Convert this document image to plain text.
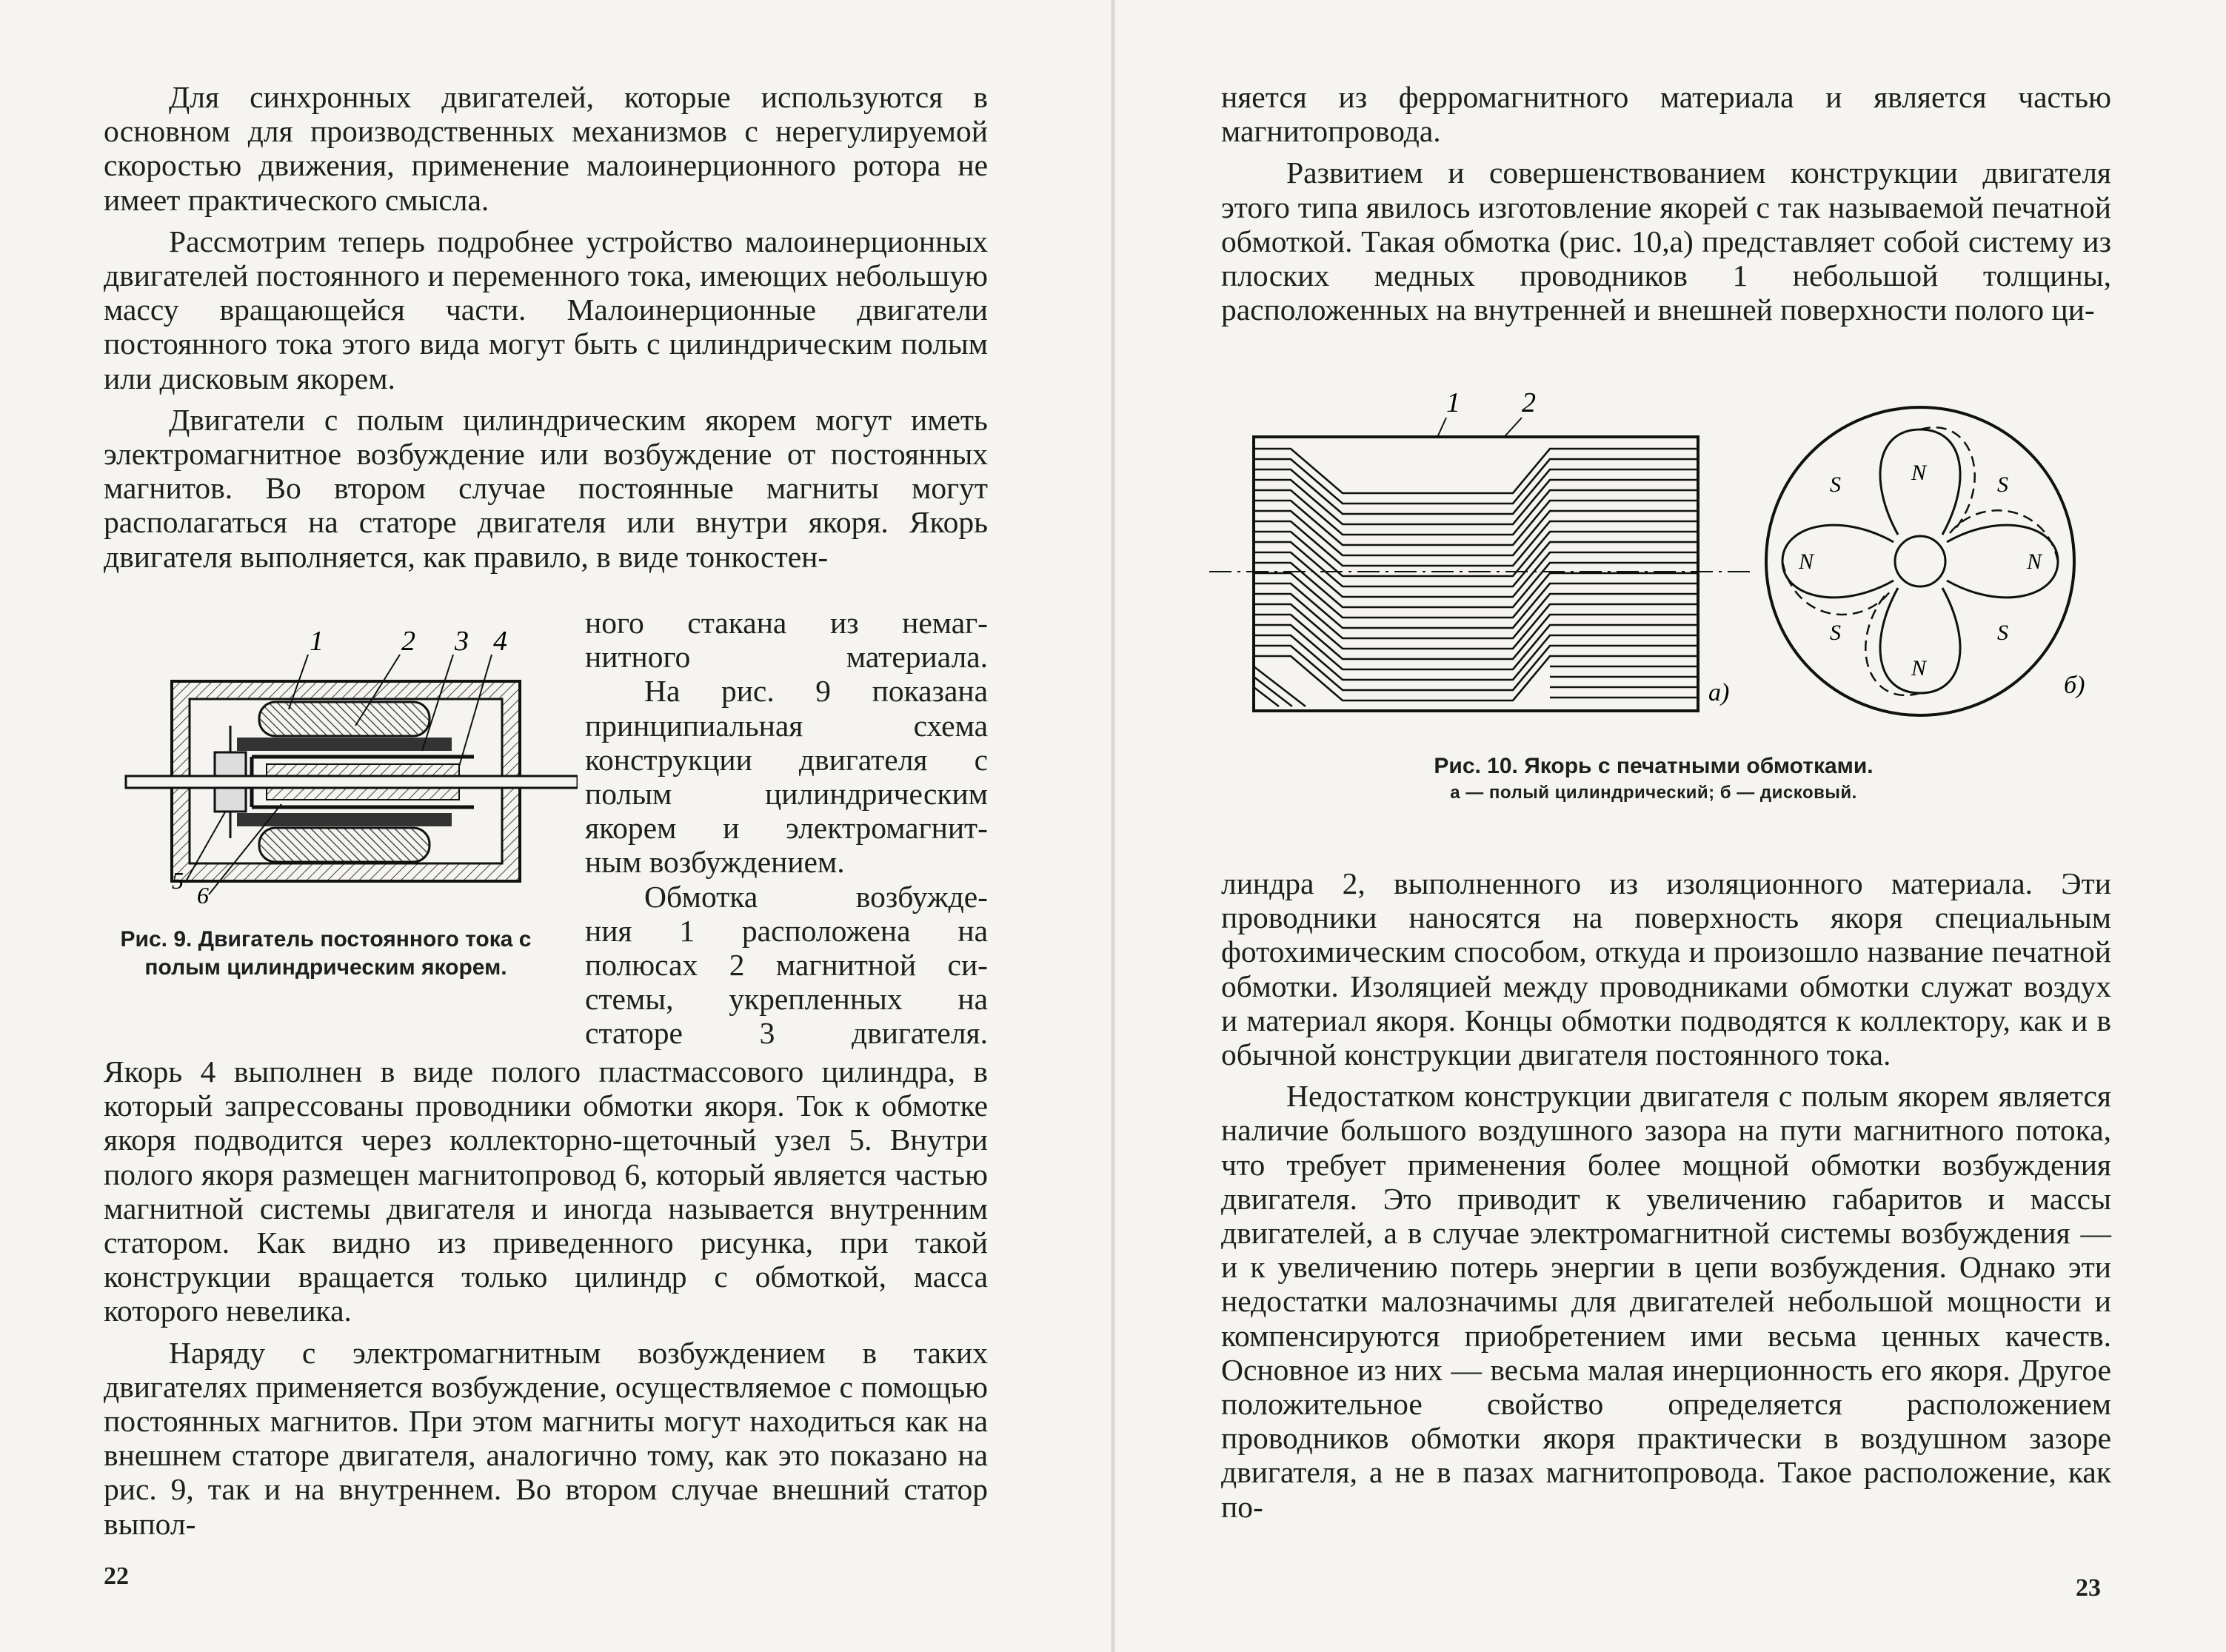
Для синхронных двигателей, которые используются в основном для производственных механизмов с нерегулируемой скоростью движения, применение малоинерционного ротора не имеет практического смысла.

Рассмотрим теперь подробнее устройство малоинерционных двигателей постоянного и переменного тока, имеющих небольшую массу вращающейся части. Малоинерционные двигатели постоянного тока этого вида могут быть с цилиндрическим полым или дисковым якорем.

Двигатели с полым цилиндрическим якорем могут иметь электромагнитное возбуждение или возбуждение от постоянных магнитов. Во втором случае постоянные магниты могут располагаться на статоре двигателя или внутри якоря. Якорь двигателя выполняется, как правило, в виде тонкостен-

1	2 3 4
5
6
Рис. 9. Двигатель постоянного тока с полым цилиндрическим якорем.

ного стакана из немаг-

нитного материала.

На рис. 9 показана

принципиальная схема

конструкции двигателя с

полым цилиндрическим

якорем и электромагнит-

ным возбуждением.

Обмотка возбужде-

ния 1 расположена на

полюсах 2 магнитной си-

стемы, укрепленных на

статоре 3 двигателя.

Якорь 4 выполнен в виде полого пластмассового цилиндра, в который запрессованы проводники обмотки якоря. Ток к обмотке якоря подводится через коллекторно-щеточный узел 5. Внутри полого якоря размещен магнитопровод 6, который является частью магнитной системы двигателя и иногда называется внутренним статором. Как видно из приведенного рисунка, при такой конструкции вращается только цилиндр с обмоткой, масса которого невелика.

Наряду с электромагнитным возбуждением в таких двигателях применяется возбуждение, осуществляемое с помощью постоянных магнитов. При этом магниты могут находиться как на внешнем статоре двигателя, аналогично тому, как это показано на рис. 9, так и на внутреннем. Во втором случае внешний статор выпол-

22

няется из ферромагнитного материала и является частью магнитопровода.

Развитием и совершенствованием конструкции двигателя этого типа явилось изготовление якорей с так называемой печатной обмоткой. Такая обмотка (рис. 10,а) представляет собой систему из плоских медных проводников 1 небольшой толщины, расположенных на внутренней и внешней поверхности полого ци-

1 2
а)
N
S
N
S
N
S
N
S
б)
Рис. 10. Якорь с печатными обмотками.
а — полый цилиндрический; б — дисковый.

линдра 2, выполненного из изоляционного материала. Эти проводники наносятся на поверхность якоря специальным фотохимическим способом, откуда и произошло название печатной обмотки. Изоляцией между проводниками обмотки служат воздух и материал якоря. Концы обмотки подводятся к коллектору, как и в обычной конструкции двигателя постоянного тока.

Недостатком конструкции двигателя с полым якорем является наличие большого воздушного зазора на пути магнитного потока, что требует применения более мощной обмотки возбуждения двигателя. Это приводит к увеличению габаритов и массы двигателей, а в случае электромагнитной системы возбуждения — и к увеличению потерь энергии в цепи возбуждения. Однако эти недостатки малозначимы для двигателей небольшой мощности и компенсируются приобретением ими весьма ценных качеств. Основное из них — весьма малая инерционность его якоря. Другое положительное свойство определяется расположением проводников обмотки якоря практически в воздушном зазоре двигателя, а не в пазах магнитопровода. Такое расположение, как по-

23
